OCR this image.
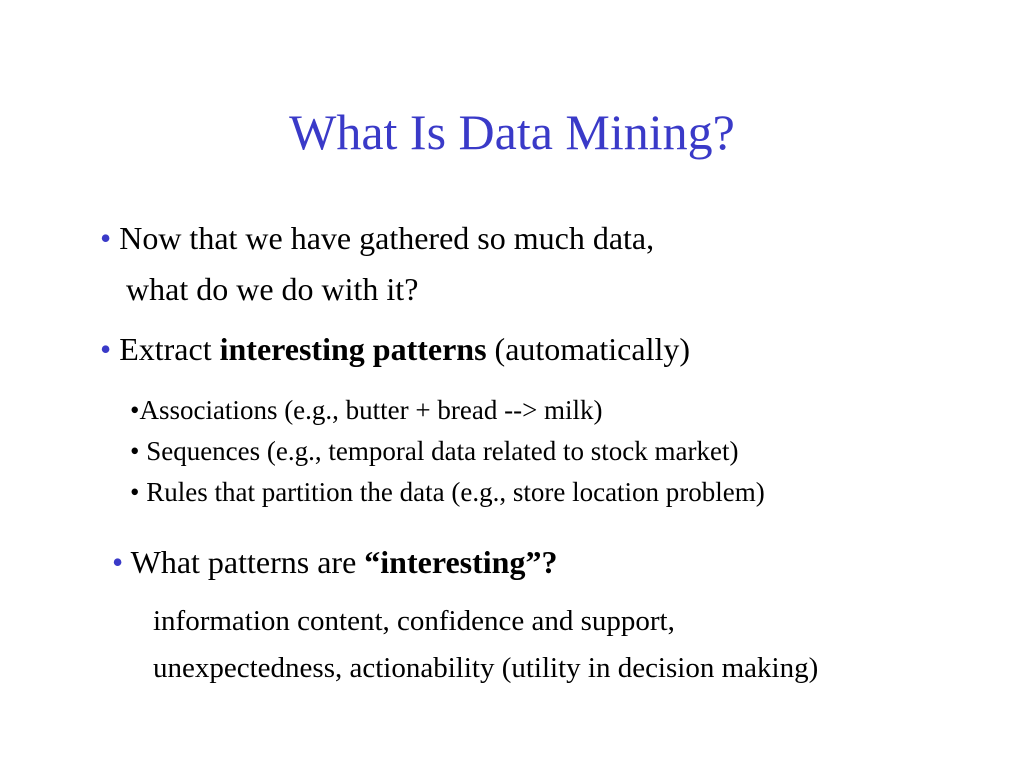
What Is Data Mining?
• Now that we have gathered so much data,
what do we do with it?
• Extract interesting patterns (automatically)
•Associations (e.g., butter + bread --> milk)
• Sequences (e.g., temporal data related to stock market)
• Rules that partition the data (e.g., store location problem)
• What patterns are “interesting”?
information content, confidence and support,
unexpectedness, actionability (utility in decision making)
